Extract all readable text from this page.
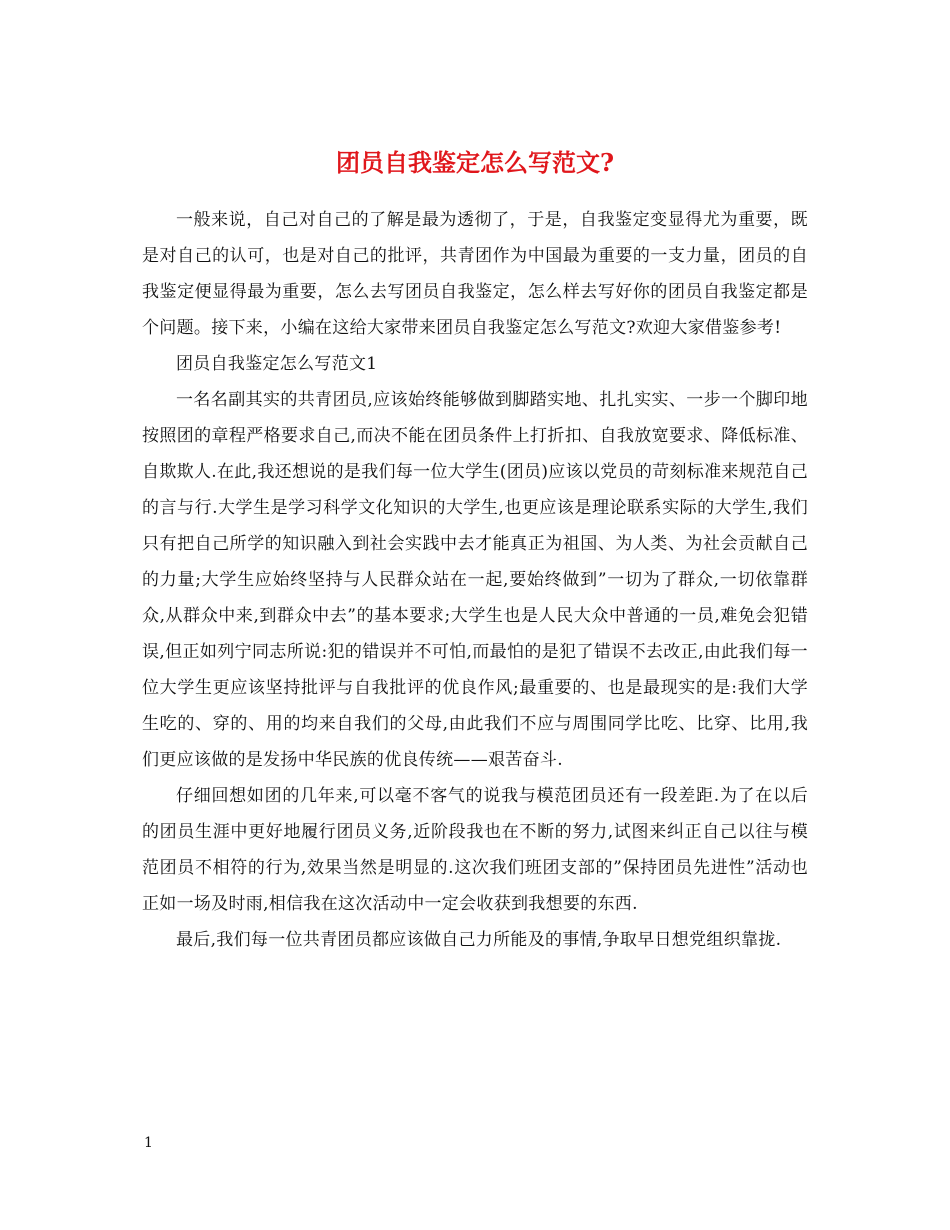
团员自我鉴定怎么写范文?

一般来说，自己对自己的了解是最为透彻了，于是，自我鉴定变显得尤为重要，既是对自己的认可，也是对自己的批评，共青团作为中国最为重要的一支力量，团员的自我鉴定便显得最为重要，怎么去写团员自我鉴定，怎么样去写好你的团员自我鉴定都是个问题。接下来，小编在这给大家带来团员自我鉴定怎么写范文?欢迎大家借鉴参考!

团员自我鉴定怎么写范文1

一名名副其实的共青团员,应该始终能够做到脚踏实地、扎扎实实、一步一个脚印地按照团的章程严格要求自己,而决不能在团员条件上打折扣、自我放宽要求、降低标准、自欺欺人.在此,我还想说的是我们每一位大学生(团员)应该以党员的苛刻标准来规范自己的言与行.大学生是学习科学文化知识的大学生,也更应该是理论联系实际的大学生,我们只有把自己所学的知识融入到社会实践中去才能真正为祖国、为人类、为社会贡献自己的力量;大学生应始终坚持与人民群众站在一起,要始终做到”一切为了群众,一切依靠群众,从群众中来,到群众中去”的基本要求;大学生也是人民大众中普通的一员,难免会犯错误,但正如列宁同志所说:犯的错误并不可怕,而最怕的是犯了错误不去改正,由此我们每一位大学生更应该坚持批评与自我批评的优良作风;最重要的、也是最现实的是:我们大学生吃的、穿的、用的均来自我们的父母,由此我们不应与周围同学比吃、比穿、比用,我们更应该做的是发扬中华民族的优良传统——艰苦奋斗.

仔细回想如团的几年来,可以毫不客气的说我与模范团员还有一段差距.为了在以后的团员生涯中更好地履行团员义务,近阶段我也在不断的努力,试图来纠正自己以往与模范团员不相符的行为,效果当然是明显的.这次我们班团支部的”保持团员先进性”活动也正如一场及时雨,相信我在这次活动中一定会收获到我想要的东西.

最后,我们每一位共青团员都应该做自己力所能及的事情,争取早日想党组织靠拢.

1
